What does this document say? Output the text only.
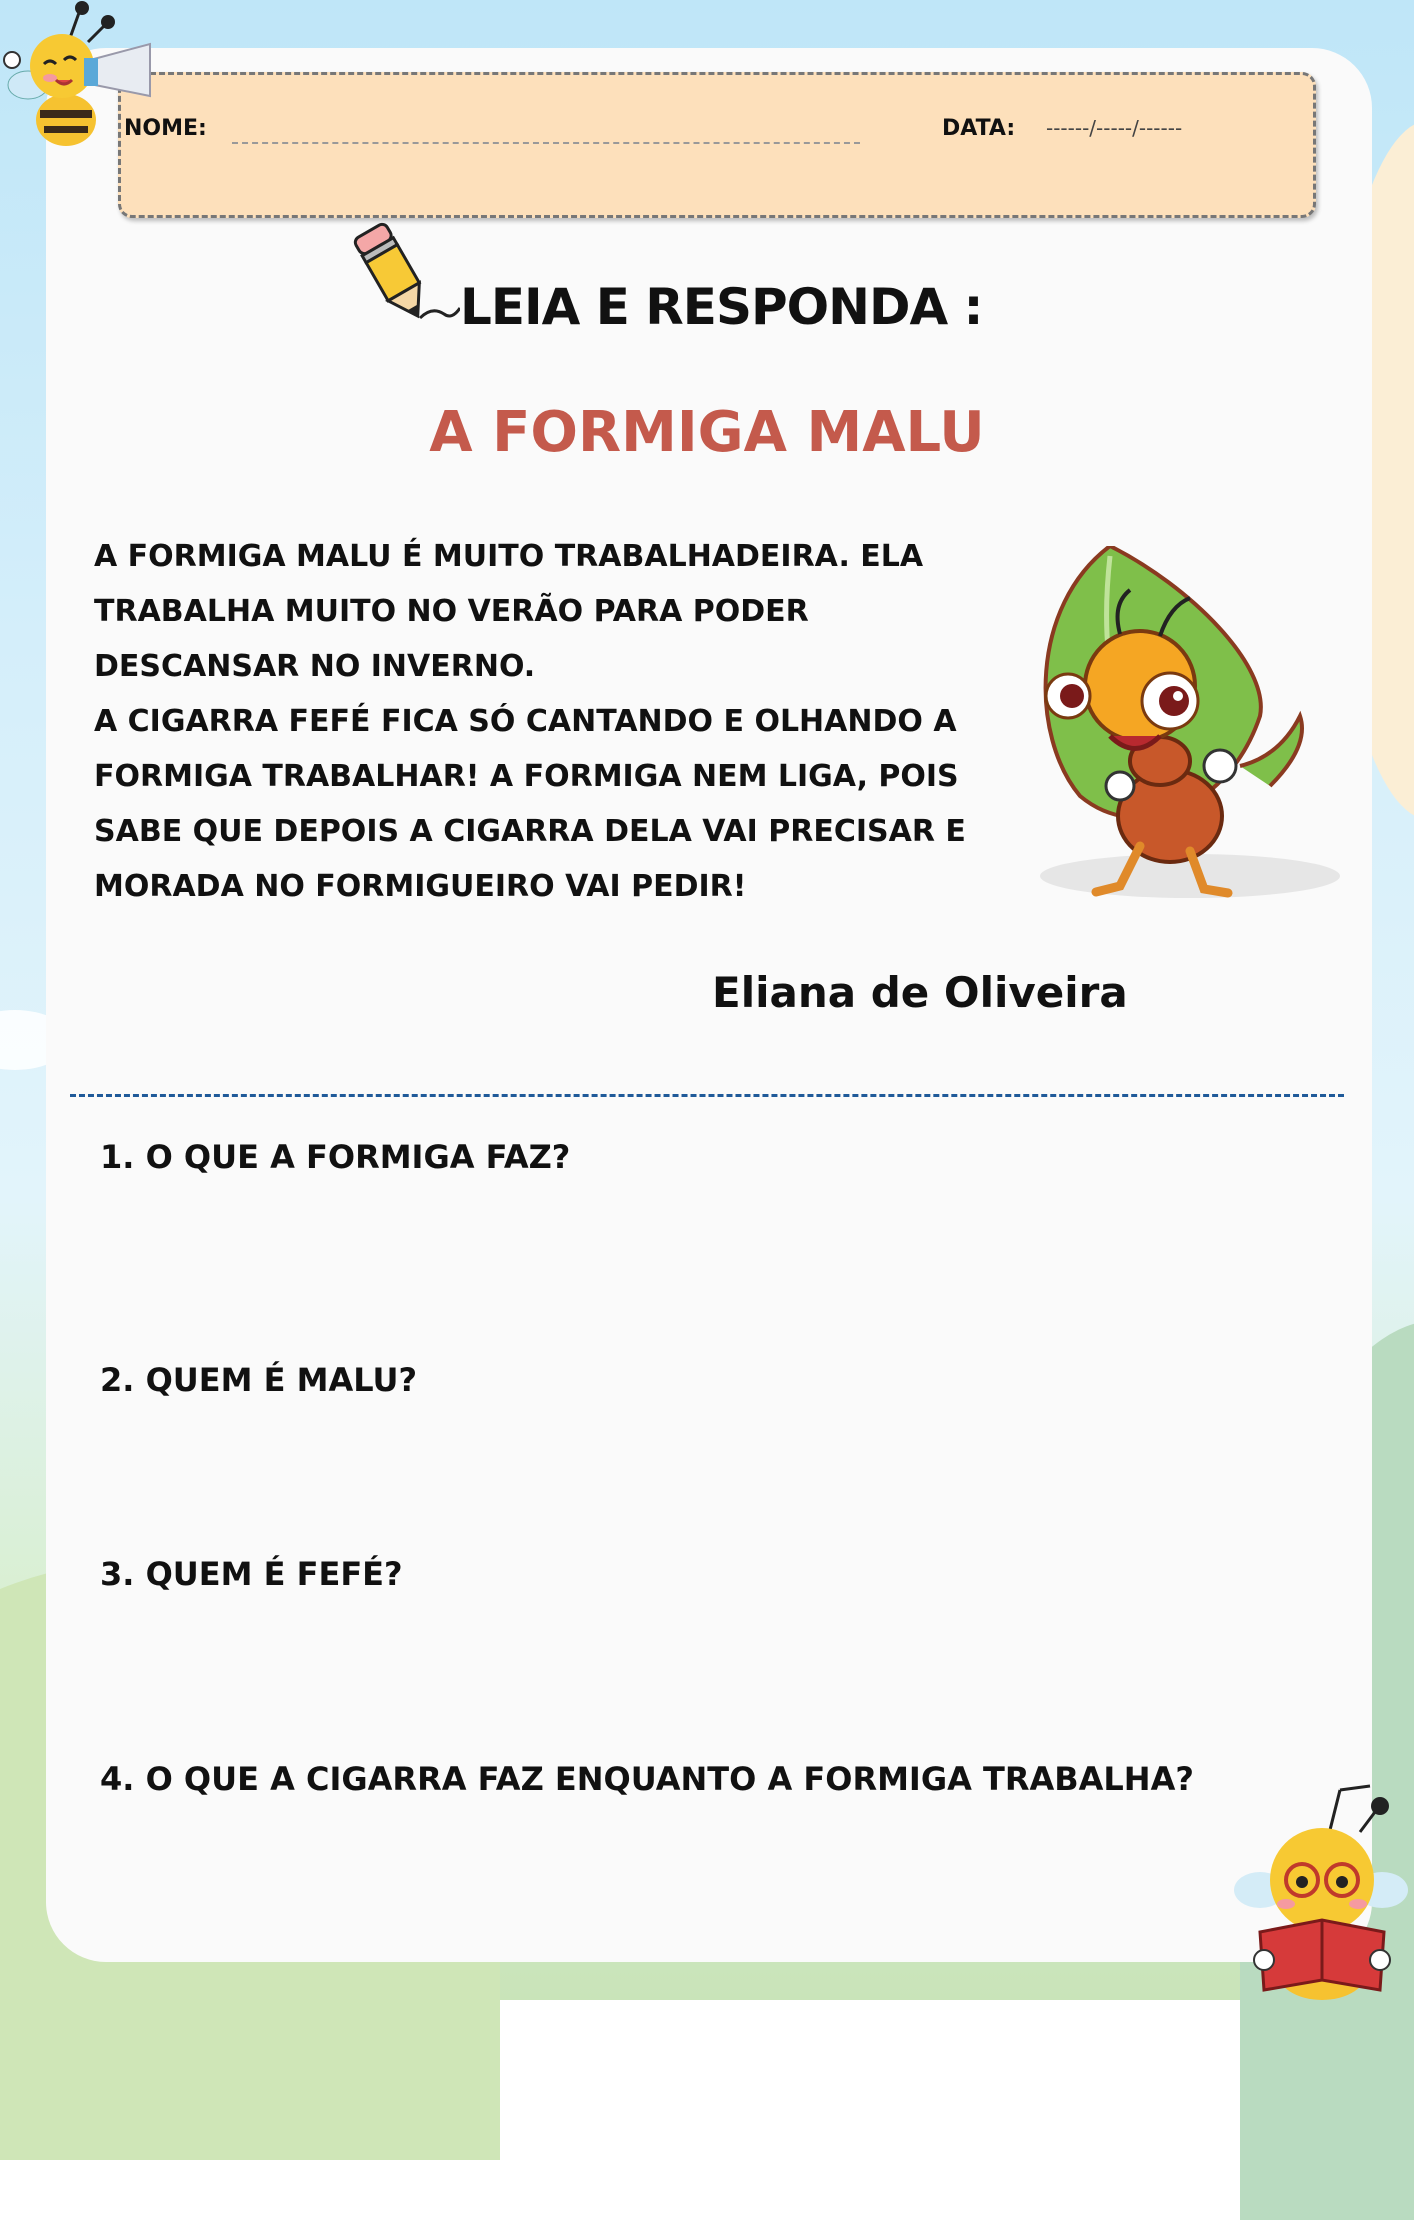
NOME:	DATA: ------/-----/------
LEIA E RESPONDA :
A FORMIGA MALU

A FORMIGA MALU É MUITO TRABALHADEIRA. ELA

TRABALHA MUITO NO VERÃO PARA PODER

DESCANSAR NO INVERNO.

A CIGARRA FEFÉ FICA SÓ CANTANDO E OLHANDO A

FORMIGA TRABALHAR! A FORMIGA NEM LIGA, POIS

SABE QUE DEPOIS A CIGARRA DELA VAI PRECISAR E

MORADA NO FORMIGUEIRO VAI PEDIR!

Eliana de Oliveira
1. O QUE A FORMIGA FAZ?
2. QUEM É MALU?
3. QUEM É FEFÉ?
4. O QUE A CIGARRA FAZ ENQUANTO A FORMIGA TRABALHA?
